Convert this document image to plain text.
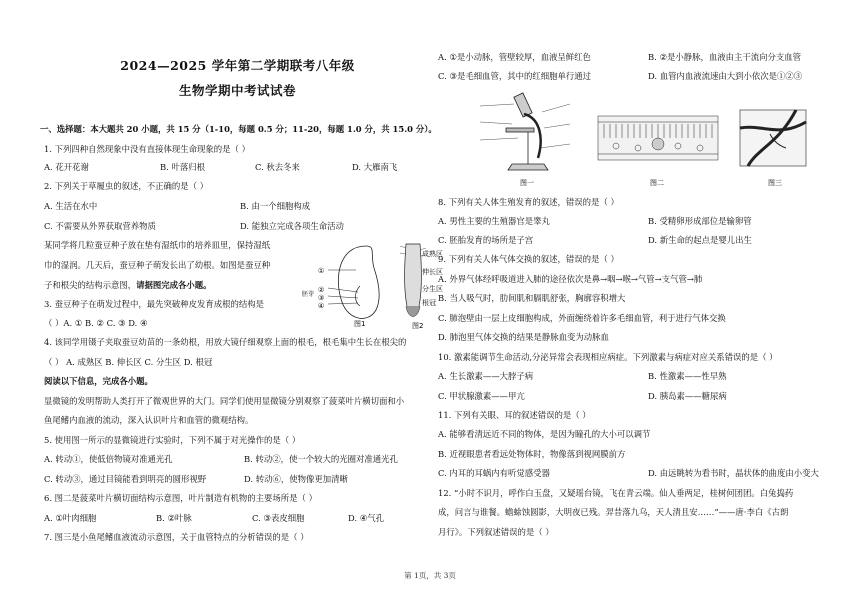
2024—2025 学年第二学期联考八年级
生物学期中考试试卷
一、选择题：本大题共 20 小题，共 15 分（1-10，每题 0.5 分；11-20，每题 1.0 分，共 15.0 分）。
1. 下列四种自然现象中没有直接体现生命现象的是（ ）
A. 花开花谢	B. 叶落归根	C. 秋去冬来	D. 大雁南飞
2. 下列关于草履虫的叙述，不正确的是（ ）
A. 生活在水中	B. 由一个细胞构成
C. 不需要从外界获取营养物质	D. 能独立完成各项生命活动
某同学将几粒蚕豆种子放在垫有湿纸巾的培养皿里，保持湿纸
巾的湿润。几天后，蚕豆种子萌发长出了幼根。如图是蚕豆种
子和根尖的结构示意图，请据图完成各小题。
3. 蚕豆种子在萌发过程中，最先突破种皮发育成根的结构是
（ ）A. ① B. ② C. ③ D. ④
①
②
③
④
胚芽
图1	图2
成熟区
伸长区
分生区
根冠
4. 该同学用镊子夹取蚕豆幼苗的一条幼根，用放大镜仔细观察上面的根毛，根毛集中生长在根尖的
（ ） A. 成熟区 B. 伸长区 C. 分生区 D. 根冠
阅读以下信息，完成各小题。
显微镜的发明帮助人类打开了微观世界的大门。同学们使用显微镜分别观察了菠菜叶片横切面和小
鱼尾鳍内血液的流动，深入认识叶片和血管的微观结构。
5. 使用图一所示的显微镜进行实验时，下列不属于对光操作的是（ ）
A. 转动①，使低倍物镜对准通光孔	B. 转动②，使一个较大的光圈对准通光孔
C. 转动③，通过目镜能看到明亮的圆形视野	D. 转动⑥，使物像更加清晰
6. 图二是菠菜叶片横切面结构示意图，叶片制造有机物的主要场所是（ ）
A. ①叶肉细胞	B. ②叶脉	C. ③表皮细胞	D. ④气孔
7. 图三是小鱼尾鳍血液流动示意图，关于血管特点的分析错误的是（ ）
A. ①是小动脉，管壁较厚，血液呈鲜红色	B. ②是小静脉，血液由主干流向分支血管
C. ③是毛细血管，其中的红细胞单行通过	D. 血管内血液流速由大到小依次是①②③
图一	图二	图三
8. 下列有关人体生殖发育的叙述，错误的是（ ）
A. 男性主要的生殖器官是睾丸	B. 受精卵形成部位是输卵管
C. 胚胎发育的场所是子宫	D. 新生命的起点是婴儿出生
9. 下列有关人体气体交换的叙述，错误的是（ ）
A. 外界气体经呼吸道进入肺的途径依次是鼻→咽→喉→气管→支气管→肺
B. 当人吸气时，肋间肌和膈肌舒张，胸廓容积增大
C. 肺泡壁由一层上皮细胞构成，外面缠绕着许多毛细血管，利于进行气体交换
D. 肺泡里气体交换的结果是静脉血变为动脉血
10. 激素能调节生命活动,分泌异常会表现相应病症。下列激素与病症对应关系错误的是（ ）
A. 生长激素——大脖子病	B. 性激素——性早熟
C. 甲状腺激素——甲亢	D. 胰岛素——糖尿病
11. 下列有关眼、耳的叙述错误的是（ ）
A. 能够看清远近不同的物体，是因为瞳孔的大小可以调节
B. 近视眼患者看远处物体时，物像落到视网膜前方
C. 内耳的耳蜗内有听觉感受器	D. 由远眺转为看书时，晶状体的曲度由小变大
12. “小时不识月，呼作白玉盘，又疑瑶台镜，飞在青云端。仙人垂两足，桂树何团团。白兔捣药
成，问言与谁餐。蟾蜍蚀圆影，大明夜已残。羿昔落九乌，天人清且安……”——唐·李白《古朗
月行》。下列叙述错误的是（ ）
第 1页，共 3页
